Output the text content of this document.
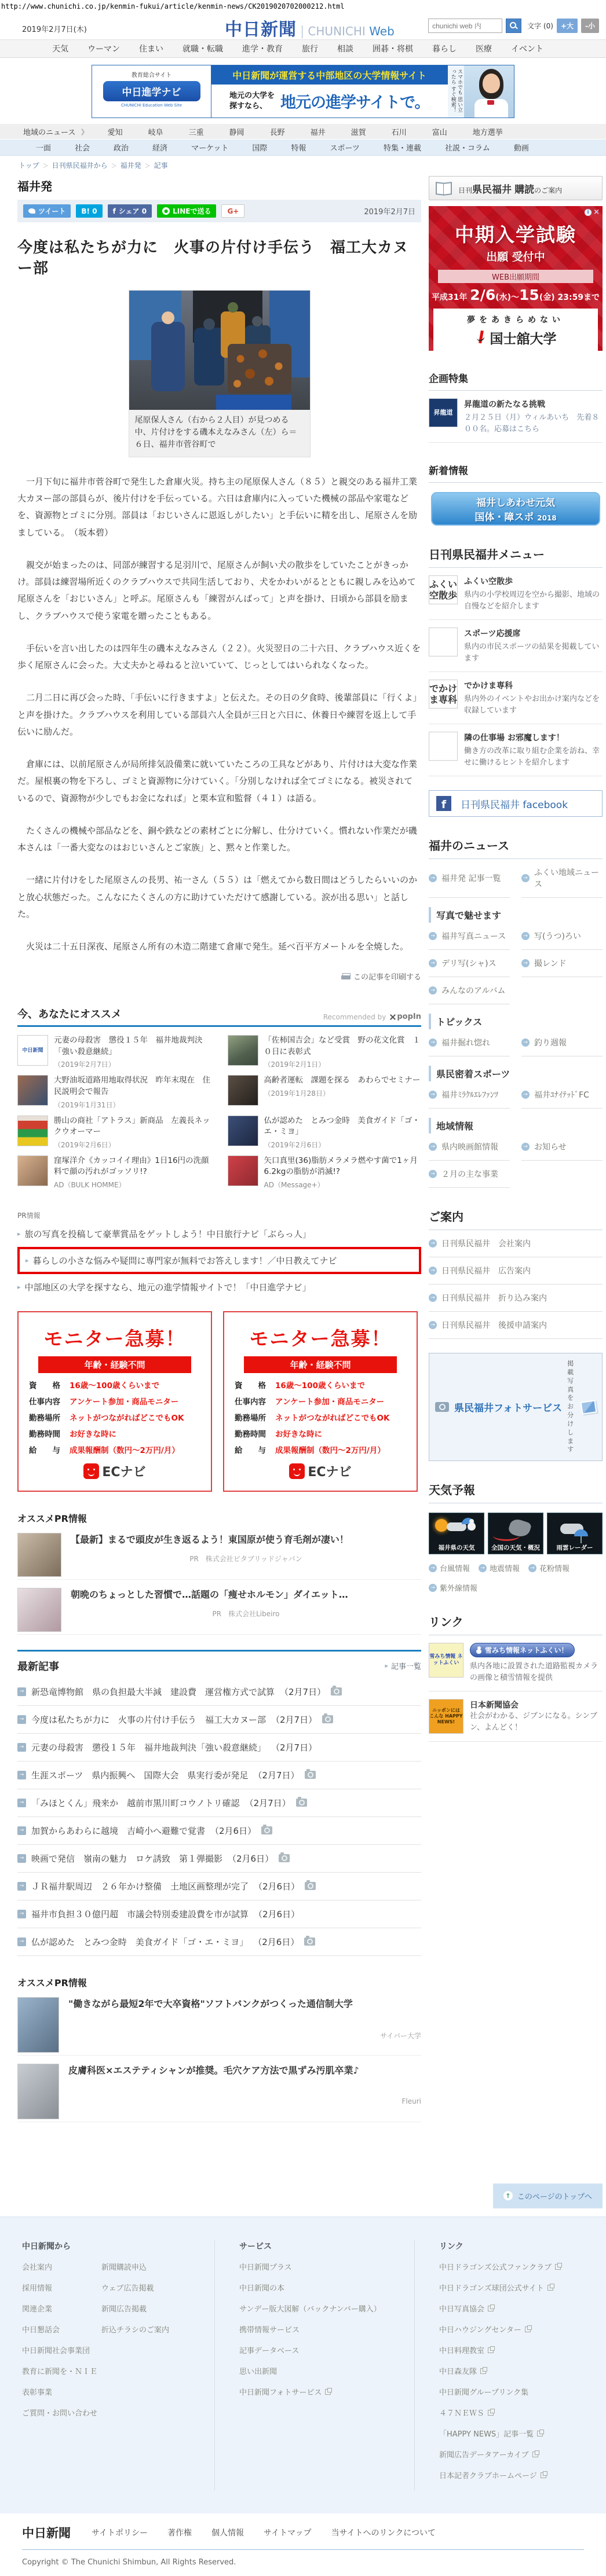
http://www.chunichi.co.jp/kenmin-fukui/article/kenmin-news/CK2019020702000212.html
2019年2月7日(木)	中日新聞 | CHUNICHI Web
chunichi web 内	文字 (0)	+大	-小
天気 ウーマン 住まい 就職・転職 進学・教育 旅行 相談 囲碁・将棋 暮らし 医療 イベント
教育総合サイト
中日進学ナビ
CHUNICHI Education Web Site
中日新聞が運営する中部地区の大学情報サイト
地元の大学を
探すなら、 地元の進学サイトで。	スマホでも 思い立ったら すぐ検索！
地域のニュース ❯	愛知	岐阜	三重	静岡	長野	福井	滋賀	石川	富山	地方選挙
一面	社会	政治	経済	マーケット	国際	特報	スポーツ	特集・連載	社説・コラム	動画
トップ	＞ 日刊県民福井から	＞ 福井発	＞ 記事
福井発
ツイート	B! 0	f シェア 0	● LINEで送る	G+	2019年2月7日
今度は私たちが力に　火事の片付け手伝う　福工大カヌー部
尾原保人さん（右から２人目）が見つめる中、片付けをする磯本えなみさん（左）ら＝６日、福井市菅谷町で

　一月下旬に福井市菅谷町で発生した倉庫火災。持ち主の尾原保人さん（８５）と親交のある福井工業大カヌー部の部員らが、後片付けを手伝っている。六日は倉庫内に入っていた機械の部品や家電などを、資源物とゴミに分別。部員は「おじいさんに恩返しがしたい」と手伝いに精を出し、尾原さんを励ましている。　（坂本碧）

　親交が始まったのは、同部が練習する足羽川で、尾原さんが飼い犬の散歩をしていたことがきっかけ。部員は練習場所近くのクラブハウスで共同生活しており、犬をかわいがるとともに親しみを込めて尾原さんを「おじいさん」と呼ぶ。尾原さんも「練習がんばって」と声を掛け、日頃から部員を励まし、クラブハウスで使う家電を贈ったこともある。

　手伝いを言い出したのは四年生の磯本えなみさん（２２）。火災翌日の二十六日、クラブハウス近くを歩く尾原さんに会った。大丈夫かと尋ねると泣いていて、じっとしてはいられなくなった。

　二月二日に再び会った時、「手伝いに行きますよ」と伝えた。その日の夕食時、後輩部員に「行くよ」と声を掛けた。クラブハウスを利用している部員六人全員が三日と六日に、休養日や練習を返上して手伝いに励んだ。

　倉庫には、以前尾原さんが局所排気設備業に就いていたころの工具などがあり、片付けは大変な作業だ。屋根裏の物を下ろし、ゴミと資源物に分けていく。「分別しなければ全てゴミになる。被災されているので、資源物が少しでもお金になれば」と栗本宣和監督（４１）は語る。

　たくさんの機械や部品などを、銅や鉄などの素材ごとに分解し、仕分けていく。慣れない作業だが磯本さんは「一番大変なのはおじいさんとご家族」と、黙々と作業した。

　一緒に片付けをした尾原さんの長男、祐一さん（５５）は「燃えてから数日間はどうしたらいいのかと放心状態だった。こんなにたくさんの方に助けていただけて感謝している。涙が出る思い」と話した。

　火災は二十五日深夜、尾原さん所有の木造二階建て倉庫で発生。延べ百平方メートルを全焼した。

この記事を印刷する
今、あなたにオススメ	Recommended by popIn
中日新聞
元妻の母殺害　懲役１５年　福井地裁判決「強い殺意継続」
（2019年2月7日）
「佐柿国吉会」など受賞　野の花文化賞　１０日に表彰式
（2019年2月1日）
大野油坂道路用地取得状況　昨年末現在　住民説明会で報告
（2019年1月31日）
高齢者運転　課題を探る　あわらでセミナー
（2019年1月28日）
勝山の商社「アトラス」新商品　左義長ネックウオーマー
（2019年2月6日）
仏が認めた　とみつ金時　美食ガイド「ゴ・エ・ミヨ」
（2019年2月6日）
窪塚洋介《カッコイイ理由》1日16円の洗顔料で顔の汚れがゴッソリ!?
AD（BULK HOMME）
矢口真里(36)脂肪メラメラ燃やす菌で1ヶ月6.2kgの脂肪が消滅!?
AD（Message+）
PR情報
▸ 旅の写真を投稿して豪華賞品をゲットしよう！中日旅行ナビ「ぶらっ人」
▸ 暮らしの小さな悩みや疑問に専門家が無料でお答えします！／中日教えてナビ
▸ 中部地区の大学を探すなら、地元の進学情報サイトで！「中日進学ナビ」
モニター急募！
年齢・経験不問
資　　格	16歳～100歳くらいまで
仕事内容	アンケート参加・商品モニター
勤務場所	ネットがつながればどこでもOK
勤務時間	お好きな時に
給　　与	成果報酬制（数円～2万円/月）
ECナビ
モニター急募！
年齢・経験不問
資　　格	16歳～100歳くらいまで
仕事内容	アンケート参加・商品モニター
勤務場所	ネットがつながればどこでもOK
勤務時間	お好きな時に
給　　与	成果報酬制（数円～2万円/月）
ECナビ
オススメPR情報
【最新】まるで頭皮が生き返るよう！東国原が使う育毛剤が凄い！
PR　株式会社ビタブリッドジャパン
朝晩のちょっとした習慣で…話題の「痩せホルモン」ダイエット…
PR　株式会社Libeiro
最新記事	▸ 記事一覧
→ 新恐竜博物館　県の負担最大半減　建設費　運営権方式で試算 （2月7日）
→ 今度は私たちが力に　火事の片付け手伝う　福工大カヌー部 （2月7日）
→ 元妻の母殺害　懲役１５年　福井地裁判決「強い殺意継続」 （2月7日）
→ 生涯スポーツ　県内振興へ　国際大会　県実行委が発足 （2月7日）
→ 「みほとくん」飛来か　越前市黒川町コウノトリ確認 （2月7日）
→ 加賀からあわらに越境　吉崎小へ避難で覚書 （2月6日）
→ 映画で発信　嶺南の魅力　ロケ誘致　第１弾撮影 （2月6日）
→ ＪＲ福井駅周辺　２６年かけ整備　土地区画整理が完了 （2月6日）
→ 福井市負担３０億円超　市議会特別委建設費を市が試算 （2月6日）
→ 仏が認めた　とみつ金時　美食ガイド「ゴ・エ・ミヨ」 （2月6日）
オススメPR情報
"働きながら最短2年で大卒資格"ソフトバンクがつくった通信制大学
サイバー大学
皮膚科医×エステティシャンが推奨。毛穴ケア方法で黒ずみ汚肌卒業♪
Fleuri
日刊県民福井 購読のご案内
i ×
中期入学試験
出願 受付中
WEB出願期間
平成31年 2/6(水)～15(金) 23:59まで
夢をあきらめない
国士舘大学
企画特集
昇龍道
昇龍道の新たなる挑戦
２月２５日（月）ウィルあいち　先着８００名。応募はこちら
新着情報
福井しあわせ元気
国体・障スポ 2018
日刊県民福井メニュー
ふくい空散歩
ふくい空散歩
県内の小学校周辺を空から撮影、地域の自慢などを紹介します
スポーツ応援席
県内の市民スポーツの結果を掲載しています
でかけま専科
でかけま専科
県内外のイベントやお出かけ案内などを収録しています
隣の仕事場 お邪魔します！
働き方の改革に取り組む企業を訪ね、幸せに働けるヒントを紹介します
f	日刊県民福井 facebook
福井のニュース
→ 福井発 記事一覧	→
ふくい地域ニュース
写真で魅せます
→ 福井写真ニュース	→ 写(うつ)ろい
→ デリ写(シャ)ス	→ 撮レンド
→ みんなのアルバム
トピックス
→ 福井掘れ惚れ	→ 釣り週報
県民密着スポーツ
→ 福井ﾐﾗｸﾙｴﾚﾌｧﾝﾂ	→ 福井ﾕﾅｲﾃｯﾄﾞFC
地域情報
→ 県内映画館情報	→ お知らせ
→ ２月の主な事業
ご案内
→ 日刊県民福井　会社案内
→ 日刊県民福井　広告案内
→ 日刊県民福井　折り込み案内
→ 日刊県民福井　後援申請案内
県民福井フォトサービス
掲載写真を
お分けします
天気予報
福井県の天気	全国の天気・概況	雨雲レーダー
→ 台風情報	→ 地震情報	→ 花粉情報
→ 紫外線情報
リンク
雪みち情報 ネットふくい
雪みち情報ネットふくい！
県内各地に設置された道路監視カメラの画像と積雪情報を提供
ニッポンには こんな HAPPY NEWS!
日本新聞協会
社会がわかる、ジブンになる。シンブン、よんどく！
↑ このページのトップへ
中日新聞から
会社案内
採用情報
関連企業
中日懇話会
中日新聞社会事業団
教育に新聞を・ＮＩＥ
表彰事業
ご質問・お問い合わせ
新聞購読申込
ウェブ広告掲載
新聞広告掲載
折込チラシのご案内
サービス
中日新聞プラス
中日新聞の本
サンデー版大図解（バックナンバー購入）
携帯情報サービス
記事データベース
思い出新聞
中日新聞フォトサービス
リンク
中日ドラゴンズ公式ファンクラブ
中日ドラゴンズ球団公式サイト
中日写真協会
中日ハウジングセンター
中日料理教室
中日森友隊
中日新聞グループリンク集
４７ＮＥＷＳ
「HAPPY NEWS」記事一覧
新聞広告データアーカイブ
日本記者クラブホームページ
中日新聞	サイトポリシー 著作権 個人情報 サイトマップ 当サイトへのリンクについて
Copyright © The Chunichi Shimbun, All Rights Reserved.
